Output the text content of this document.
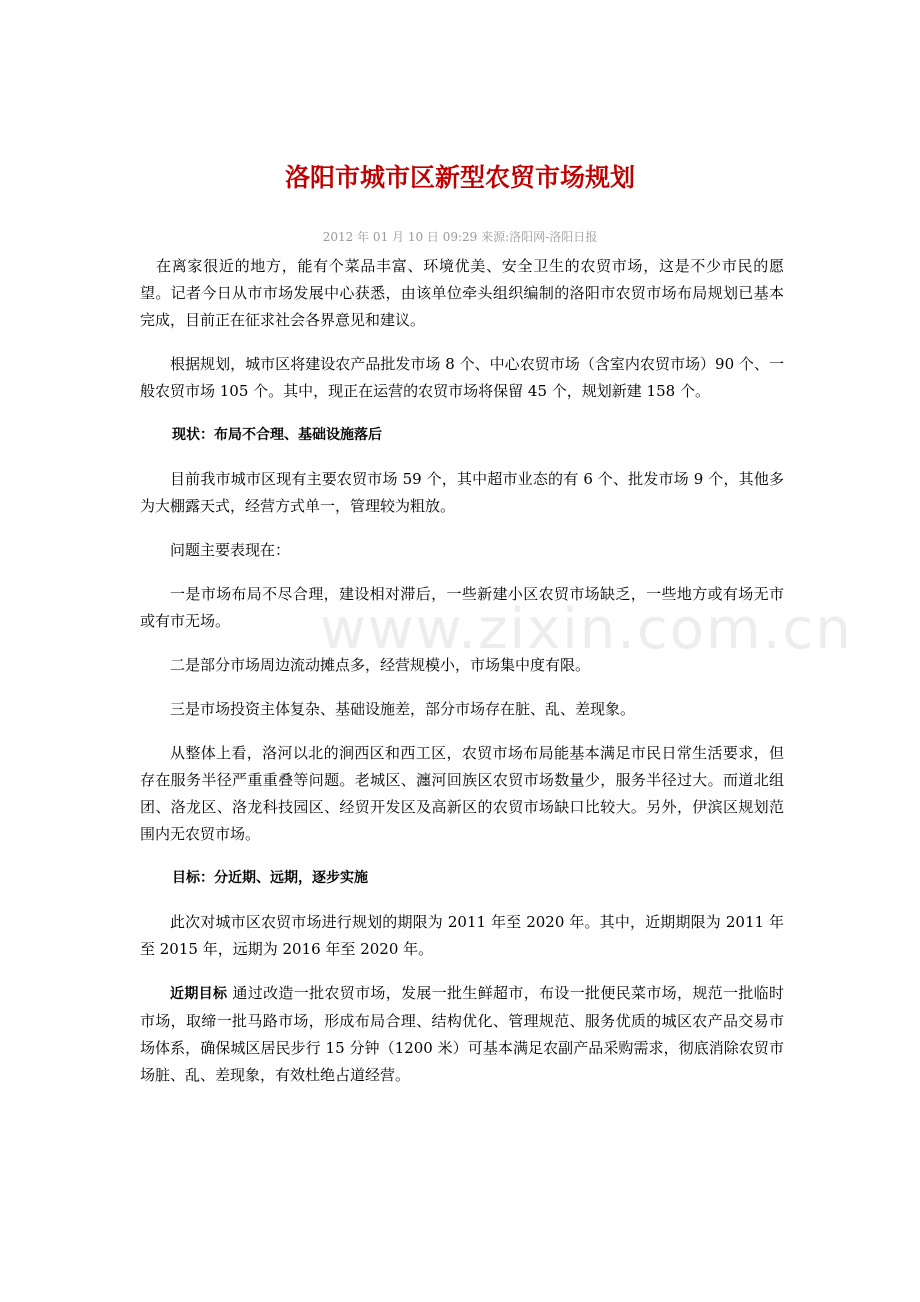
洛阳市城市区新型农贸市场规划
2012 年 01 月 10 日 09:29 来源:洛阳网-洛阳日报

在离家很近的地方，能有个菜品丰富、环境优美、安全卫生的农贸市场，这是不少市民的愿望。记者今日从市市场发展中心获悉，由该单位牵头组织编制的洛阳市农贸市场布局规划已基本完成，目前正在征求社会各界意见和建议。

根据规划，城市区将建设农产品批发市场 8 个、中心农贸市场（含室内农贸市场）90 个、一般农贸市场 105 个。其中，现正在运营的农贸市场将保留 45 个，规划新建 158 个。

现状：布局不合理、基础设施落后

目前我市城市区现有主要农贸市场 59 个，其中超市业态的有 6 个、批发市场 9 个，其他多为大棚露天式，经营方式单一，管理较为粗放。

问题主要表现在：

一是市场布局不尽合理，建设相对滞后，一些新建小区农贸市场缺乏，一些地方或有场无市或有市无场。

二是部分市场周边流动摊点多，经营规模小，市场集中度有限。

三是市场投资主体复杂、基础设施差，部分市场存在脏、乱、差现象。

从整体上看，洛河以北的涧西区和西工区，农贸市场布局能基本满足市民日常生活要求，但存在服务半径严重重叠等问题。老城区、瀍河回族区农贸市场数量少，服务半径过大。而道北组团、洛龙区、洛龙科技园区、经贸开发区及高新区的农贸市场缺口比较大。另外，伊滨区规划范围内无农贸市场。

目标：分近期、远期，逐步实施

此次对城市区农贸市场进行规划的期限为 2011 年至 2020 年。其中，近期期限为 2011 年至 2015 年，远期为 2016 年至 2020 年。

近期目标 通过改造一批农贸市场，发展一批生鲜超市，布设一批便民菜市场，规范一批临时市场，取缔一批马路市场，形成布局合理、结构优化、管理规范、服务优质的城区农产品交易市场体系，确保城区居民步行 15 分钟（1200 米）可基本满足农副产品采购需求，彻底消除农贸市场脏、乱、差现象，有效杜绝占道经营。

www.zixin.com.cn
